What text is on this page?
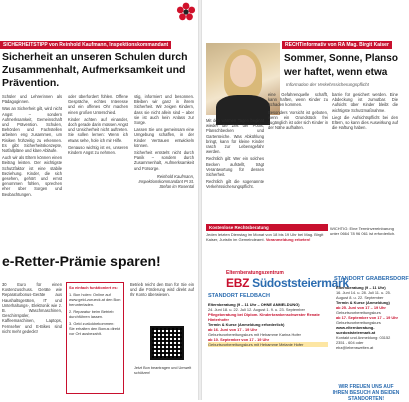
SICHERHEITSTIPP von Reinhold Kaufmann, Inspektionskommandant
Sicherheit an unseren Schulen durch Zusammenhalt, Aufmerksamkeit und Prävention.

Schüler und Lehrerinnen als Pädagoginnen.

Was an Sicherheit gilt, wird nicht Angst – sondern Aufmerksamkeit, Gemeinschaft und Prävention. Schulen, Behörden und Fachstellen arbeiten eng zusammen, um Risiken frühzeitig zu erkennen. Es gibt Sicherheitskonzepte, Notfallpläne und klare Abläufe.

Auch wir als Eltern können einen Beitrag leisten. Der wichtigste Schutzfaktor ist eine stabile Beziehung. Kinder, die sich gesehen, gehört und ernst genommen fühlen, sprechen eher über Sorgen und Beobachtungen.

oder überfordert fühlen. Offene Gespräche, echtes Interesse und ein offenes Ohr machen einen großen Unterschied.

Kinder achten auf einander, doch gerade darin müssen Angst und Unsicherheit nicht auftreten. Sie sollen lernen: Wenn ich etwas sehe, hole ich mir Hilfe.

Genauso wichtig ist es, unseren Kindern Angst zu nehmen.

stig, informiert und besonnen. Bleiben wir ganz in ihrem Sicherheit. Wir zeigen Kindern, dass sie nicht allein sind – aber sie ist auch kein Anlass zur Sorge.

Lassen Sie uns gemeinsam eine Umgebung schaffen, in der Kinder Vertrauen entwickeln können.

Sicherheit entsteht nicht durch Panik – sondern durch Zusammenhalt, Aufmerksamkeit und Fürsorge.

Reinhold Kaufmann, Inspektionskommandant PI St. Stefan im Rosental
e-Retter-Prämie sparen!
30 Euro für einen Kostenzuschuss. Geräte wie Reparaturbonus-Geräte aus Haushaltsgeräten, IT und Unterhaltungs-, Elektronik wie z. B. Waschmaschinen, Geschirrspüler, Kaffeemaschinen, Laptops, Fernseher und E-Bikes sind nicht mehr gedeckt!
So einfach funktioniert es:
1. Bon holen: Online auf www.geld-zurueck.at den Bon herunterladen.
2. Reparatur beim Betrieb durchführen lassen.
3. Geld zurückbekommen: Sie erhalten den Bonus direkt vor Ort ausbezahlt.
Betrieb reicht den Bon für Sie ein und die Förderung wird direkt auf Ihr Konto überwiesen.
Jetzt Bon beantragen und Umwelt schützen!
RECHTinformativ von RA Mag. Birgit Kaiser
Sommer, Sonne, Planso
wer haftet, wenn etwa
Information der Verkehrssicherungspflicht

Mit den warmen Tagen beginnt wieder die Zeit der Pools, Planschbecken und Gartenteiche. Was Abkühlung bringt, kann für kleine Kinder rasch zur Lebensgefahr werden.

Rechtlich gilt: Wer ein solches Becken aufstellt, trägt Verantwortung für dessen Sicherheit.

Rechtlich gilt die sogenannte Verkehrssicherungspflicht.

eine Gefahrenquelle schafft, kann haften, wenn Kinder zu Schaden kommen.

Besonders Vorsicht ist geboten, wenn ein Grundstück frei zugänglich ist oder sich Kinder in der Nähe aufhalten.

barrie für gesichert werden. Eine Abdeckung ist zumutbar. Die Aufsicht über Kinder bleibt die wichtigste Schutzmaßnahme.

Liegt die Aufsichtspflicht bei den Eltern, so kann dies Auswirkung auf die Haftung haben.

Kostenlose Rechtsberatung
Jeden letzten Dienstag im Monat von 18 bis 19 Uhr bei Mag. Birgit Kaiser, Juristin im Gemeindeamt. Voranmeldung erbeten!
WICHTIG: Eine Terminvereinbarung unter 0664 78 96 061 ist erforderlich.
Elternberatungszentrum
EBZ Südoststeiermark
STANDORT FELDBACH
Elternberatung (9 – 11 Uhr – OHNE ANMELDUNG)
24. Juni 18. u. 22. Juli 12. August 1. 9. u. 23. September
Pflegeberatung bei Diplom. Kinderkrankenschwester Renate Hinterhofer
Termin & Kurse (Anmeldung erforderlich)
ab 16. Juni von 17 - 19 Uhr
Geburtsvorbereitungskurs mit Hebamme Karina Hofer
ab 10. September von 17 - 19 Uhr
Geburtsvorbereitungskurs mit Hebamme Melanie Hofer
STANDORT GRABERSDORF
Elternberatung (9 – 11 Uhr)
16. Juni 14. u. 28. Juli 11. u. 25. August 8. u. 22. September
Termin & Kurse (Anmeldung)
ab 25. Juni von 17 – 19 Uhr
Geburtsvorbereitungskurs
ab 17. September von 17 – 19 Uhr
Geburtsvorbereitungskurs
www.elternberatung-suedoststeiermark.at
Kontakt und Anmeldung: 03152 2351 - 604 oder ebz@lebenswelten.at
WIR FREUEN UNS AUF IHREN BESUCH AN BEIDEN STANDORTEN!
